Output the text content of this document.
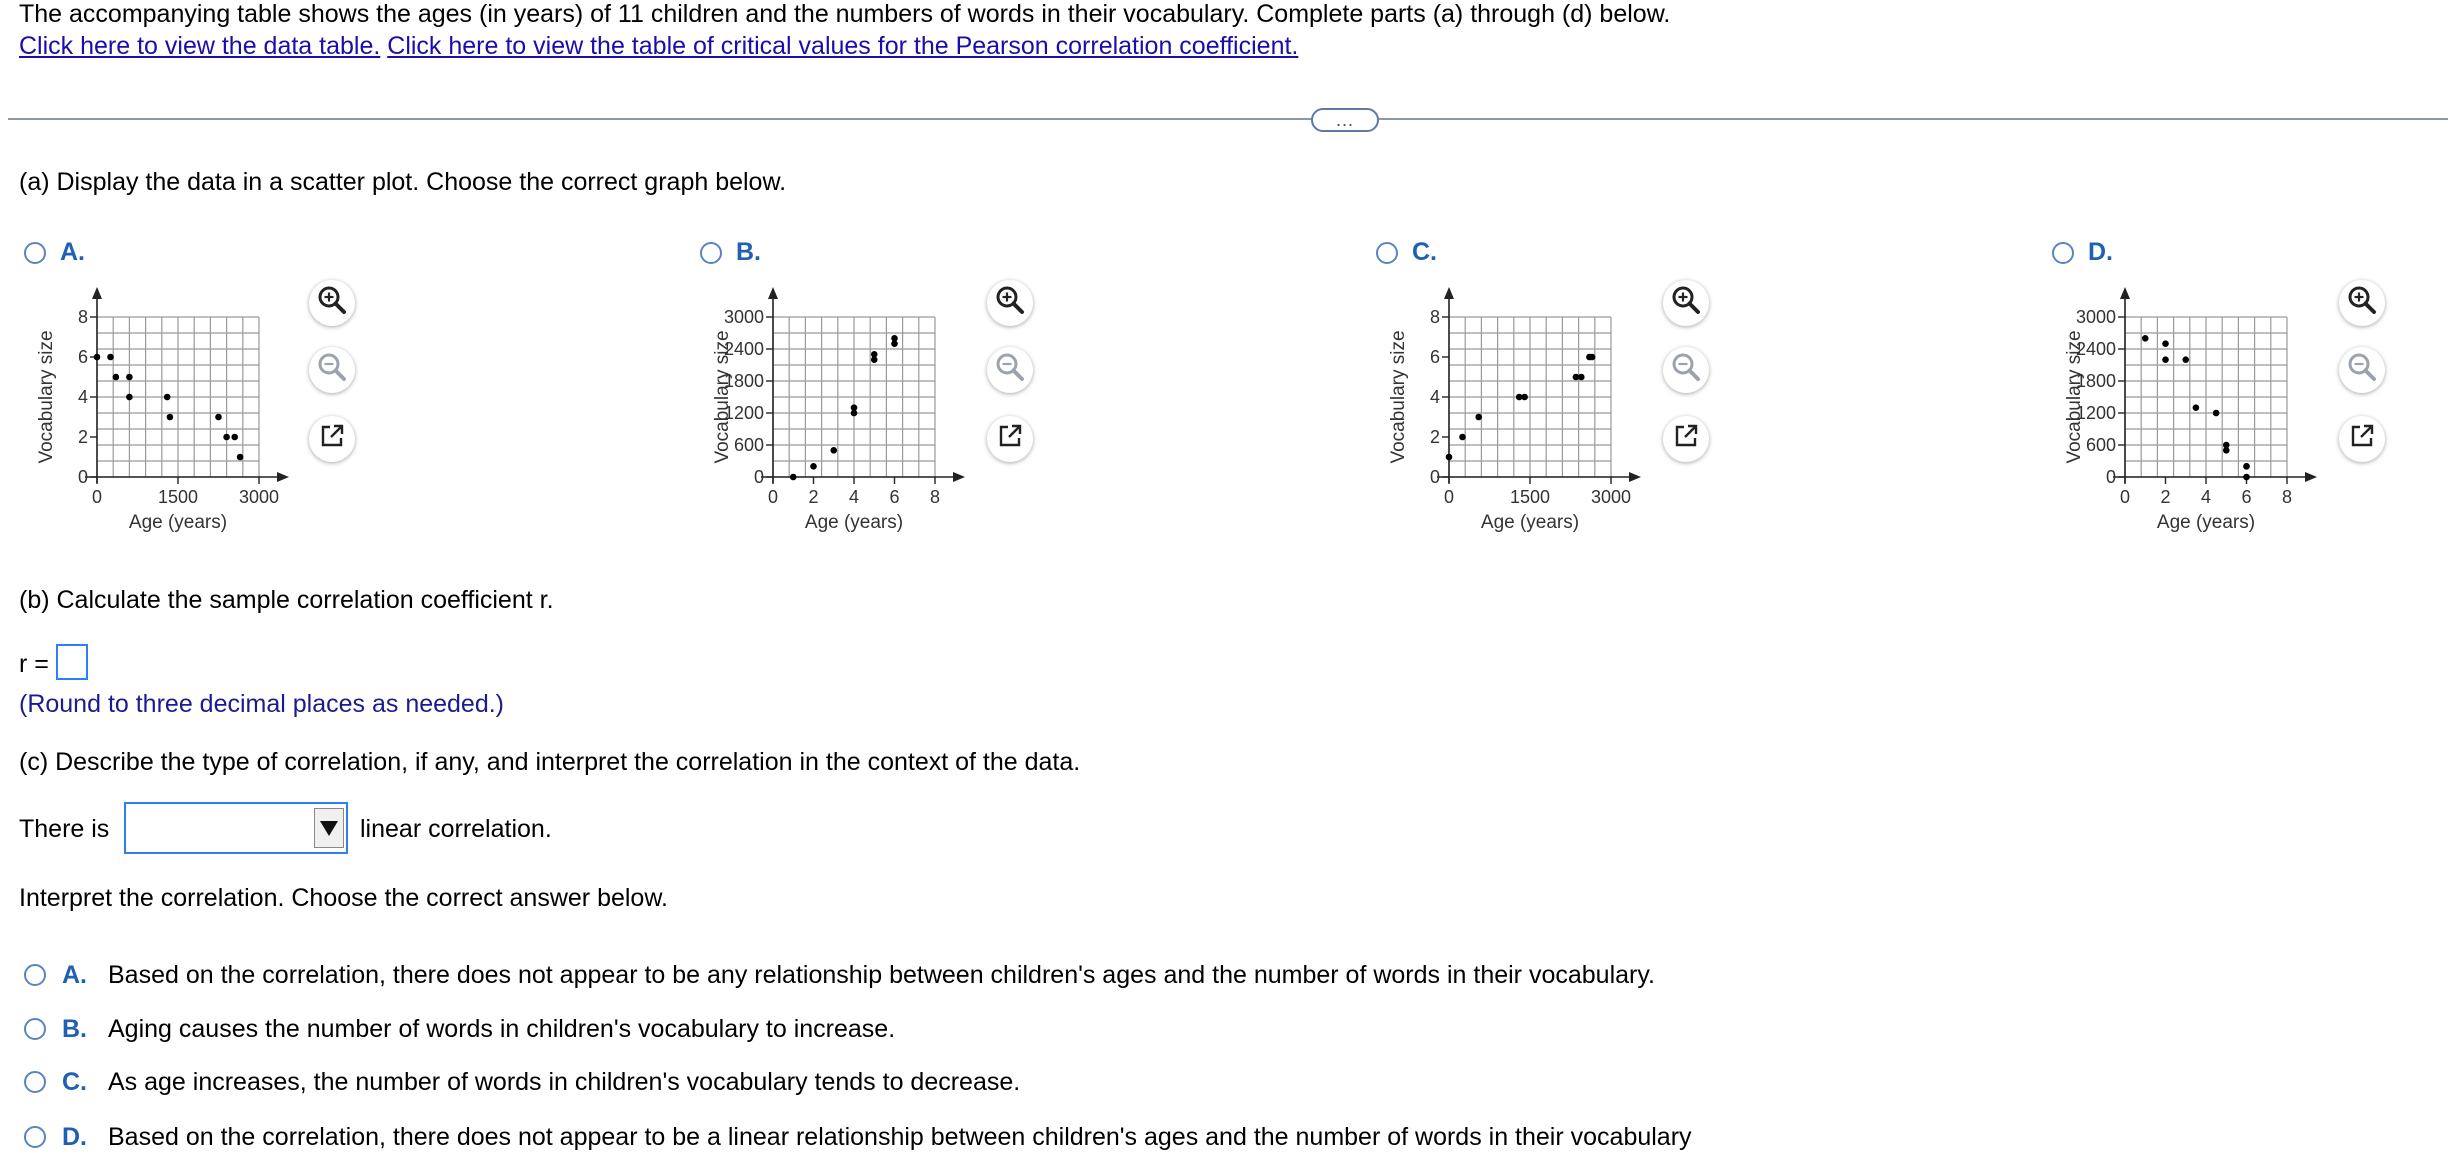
The accompanying table shows the ages (in years) of 11 children and the numbers of words in their vocabulary. Complete parts (a) through (d) below.
Click here to view the data table. Click here to view the table of critical values for the Pearson correlation coefficient.
...
(a) Display the data in a scatter plot. Choose the correct graph below.
A.
0
2
4
6
8
0	1500 3000
Age (years)
Vocabulary size
B.
0
600
1200
1800
2400
3000
0 2 4 6 8
Age (years)
Vocabulary size
C.
0
2
4
6
8
0	1500 3000
Age (years)
Vocabulary size
D.
0
600
1200
1800
2400
3000
0 2 4 6 8
Age (years)
Vocabulary size
(b) Calculate the sample correlation coefficient r.
r =
(Round to three decimal places as needed.)
(c) Describe the type of correlation, if any, and interpret the correlation in the context of the data.
There is	linear correlation.
Interpret the correlation. Choose the correct answer below.
A. Based on the correlation, there does not appear to be any relationship between children's ages and the number of words in their vocabulary.
B. Aging causes the number of words in children's vocabulary to increase.
C. As age increases, the number of words in children's vocabulary tends to decrease.
D. Based on the correlation, there does not appear to be a linear relationship between children's ages and the number of words in their vocabulary
